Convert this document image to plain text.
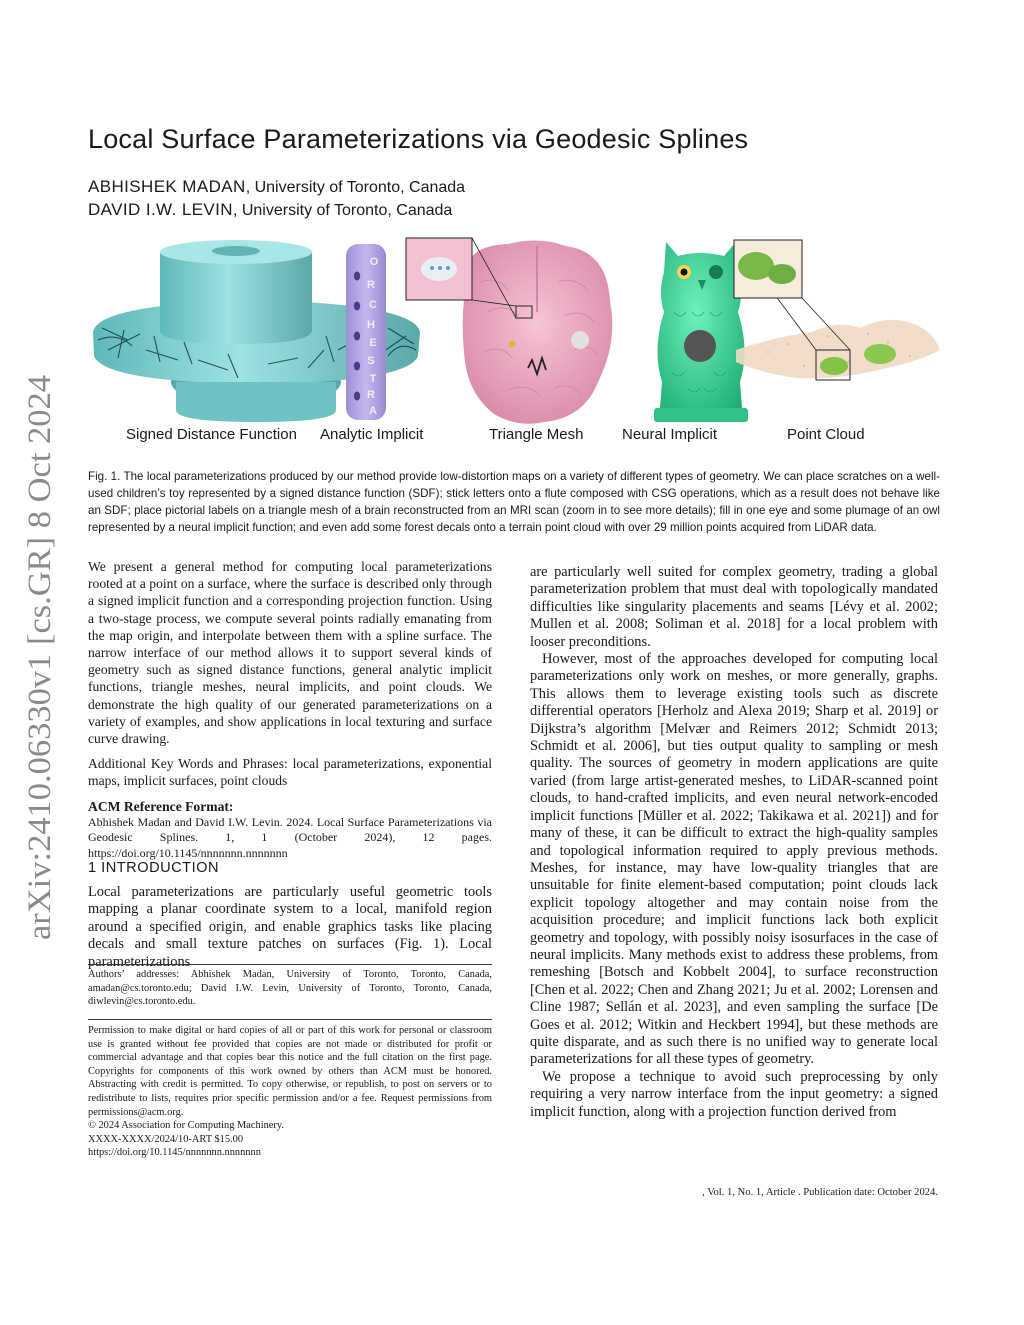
arXiv:2410.06330v1 [cs.GR] 8 Oct 2024
Local Surface Parameterizations via Geodesic Splines
ABHISHEK MADAN, University of Toronto, Canada
DAVID I.W. LEVIN, University of Toronto, Canada
O
R
C
H
E
S
T
R
A
Signed Distance Function Analytic Implicit	Triangle Mesh	Neural Implicit	Point Cloud

Fig. 1. The local parameterizations produced by our method provide low-distortion maps on a variety of different types of geometry. We can place scratches on a well-used children’s toy represented by a signed distance function (SDF); stick letters onto a flute composed with CSG operations, which as a result does not behave like an SDF; place pictorial labels on a triangle mesh of a brain reconstructed from an MRI scan (zoom in to see more details); fill in one eye and some plumage of an owl represented by a neural implicit function; and even add some forest decals onto a terrain point cloud with over 29 million points acquired from LiDAR data.

We present a general method for computing local parameterizations rooted at a point on a surface, where the surface is described only through a signed implicit function and a corresponding projection function. Using a two-stage process, we compute several points radially emanating from the map origin, and interpolate between them with a spline surface. The narrow interface of our method allows it to support several kinds of geometry such as signed distance functions, general analytic implicit functions, triangle meshes, neural implicits, and point clouds. We demonstrate the high quality of our generated parameterizations on a variety of examples, and show applications in local texturing and surface curve drawing.

Additional Key Words and Phrases: local parameterizations, exponential maps, implicit surfaces, point clouds

ACM Reference Format:

Abhishek Madan and David I.W. Levin. 2024. Local Surface Parameterizations via Geodesic Splines. 1, 1 (October 2024), 12 pages. https://doi.org/10.1145/nnnnnnn.nnnnnnn

1 INTRODUCTION

Local parameterizations are particularly useful geometric tools mapping a planar coordinate system to a local, manifold region around a specified origin, and enable graphics tasks like placing decals and small texture patches on surfaces (Fig. 1). Local parameterizations

Authors’ addresses: Abhishek Madan, University of Toronto, Toronto, Canada, amadan@cs.toronto.edu; David I.W. Levin, University of Toronto, Toronto, Canada, diwlevin@cs.toronto.edu.

Permission to make digital or hard copies of all or part of this work for personal or classroom use is granted without fee provided that copies are not made or distributed for profit or commercial advantage and that copies bear this notice and the full citation on the first page. Copyrights for components of this work owned by others than ACM must be honored. Abstracting with credit is permitted. To copy otherwise, or republish, to post on servers or to redistribute to lists, requires prior specific permission and/or a fee. Request permissions from permissions@acm.org.

© 2024 Association for Computing Machinery.

XXXX-XXXX/2024/10-ART $15.00

https://doi.org/10.1145/nnnnnnn.nnnnnnn

are particularly well suited for complex geometry, trading a global parameterization problem that must deal with topologically mandated difficulties like singularity placements and seams [Lévy et al. 2002; Mullen et al. 2008; Soliman et al. 2018] for a local problem with looser preconditions.

However, most of the approaches developed for computing local parameterizations only work on meshes, or more generally, graphs. This allows them to leverage existing tools such as discrete differential operators [Herholz and Alexa 2019; Sharp et al. 2019] or Dijkstra’s algorithm [Melvær and Reimers 2012; Schmidt 2013; Schmidt et al. 2006], but ties output quality to sampling or mesh quality. The sources of geometry in modern applications are quite varied (from large artist-generated meshes, to LiDAR-scanned point clouds, to hand-crafted implicits, and even neural network-encoded implicit functions [Müller et al. 2022; Takikawa et al. 2021]) and for many of these, it can be difficult to extract the high-quality samples and topological information required to apply previous methods. Meshes, for instance, may have low-quality triangles that are unsuitable for finite element-based computation; point clouds lack explicit topology altogether and may contain noise from the acquisition procedure; and implicit functions lack both explicit geometry and topology, with possibly noisy isosurfaces in the case of neural implicits. Many methods exist to address these problems, from remeshing [Botsch and Kobbelt 2004], to surface reconstruction [Chen et al. 2022; Chen and Zhang 2021; Ju et al. 2002; Lorensen and Cline 1987; Sellán et al. 2023], and even sampling the surface [De Goes et al. 2012; Witkin and Heckbert 1994], but these methods are quite disparate, and as such there is no unified way to generate local parameterizations for all these types of geometry.

We propose a technique to avoid such preprocessing by only requiring a very narrow interface from the input geometry: a signed implicit function, along with a projection function derived from

, Vol. 1, No. 1, Article . Publication date: October 2024.
